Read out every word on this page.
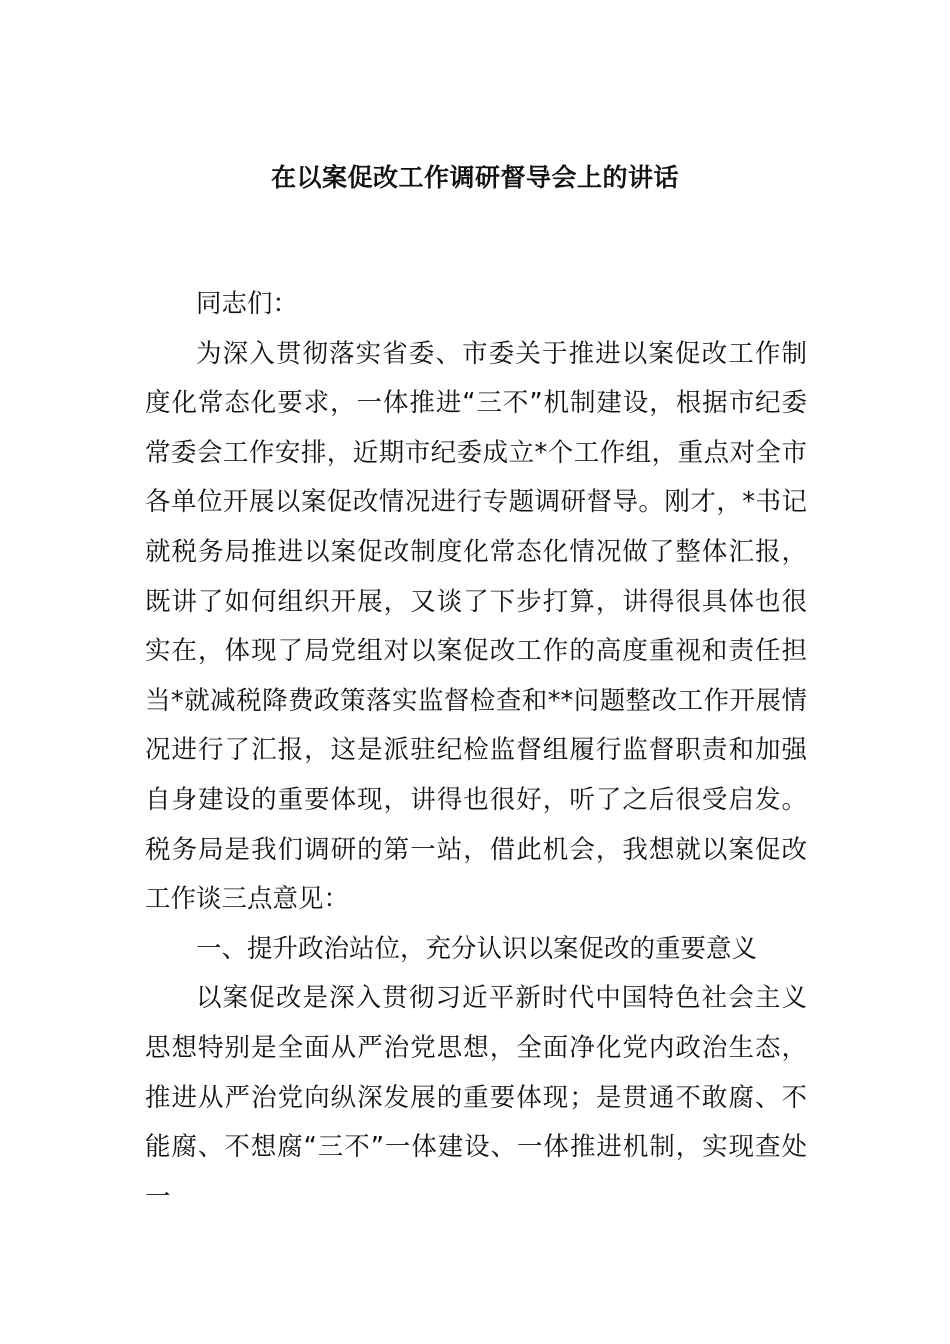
在以案促改工作调研督导会上的讲话

同志们：

为深入贯彻落实省委、市委关于推进以案促改工作制度化常态化要求，一体推进“三不”机制建设，根据市纪委常委会工作安排，近期市纪委成立*个工作组，重点对全市各单位开展以案促改情况进行专题调研督导。刚才，*书记就税务局推进以案促改制度化常态化情况做了整体汇报，既讲了如何组织开展，又谈了下步打算，讲得很具体也很实在，体现了局党组对以案促改工作的高度重视和责任担当*就减税降费政策落实监督检查和**问题整改工作开展情况进行了汇报，这是派驻纪检监督组履行监督职责和加强自身建设的重要体现，讲得也很好，听了之后很受启发。税务局是我们调研的第一站，借此机会，我想就以案促改工作谈三点意见：

一、提升政治站位，充分认识以案促改的重要意义

以案促改是深入贯彻习近平新时代中国特色社会主义思想特别是全面从严治党思想，全面净化党内政治生态，推进从严治党向纵深发展的重要体现；是贯通不敢腐、不能腐、不想腐“三不”一体建设、一体推进机制，实现查处一
